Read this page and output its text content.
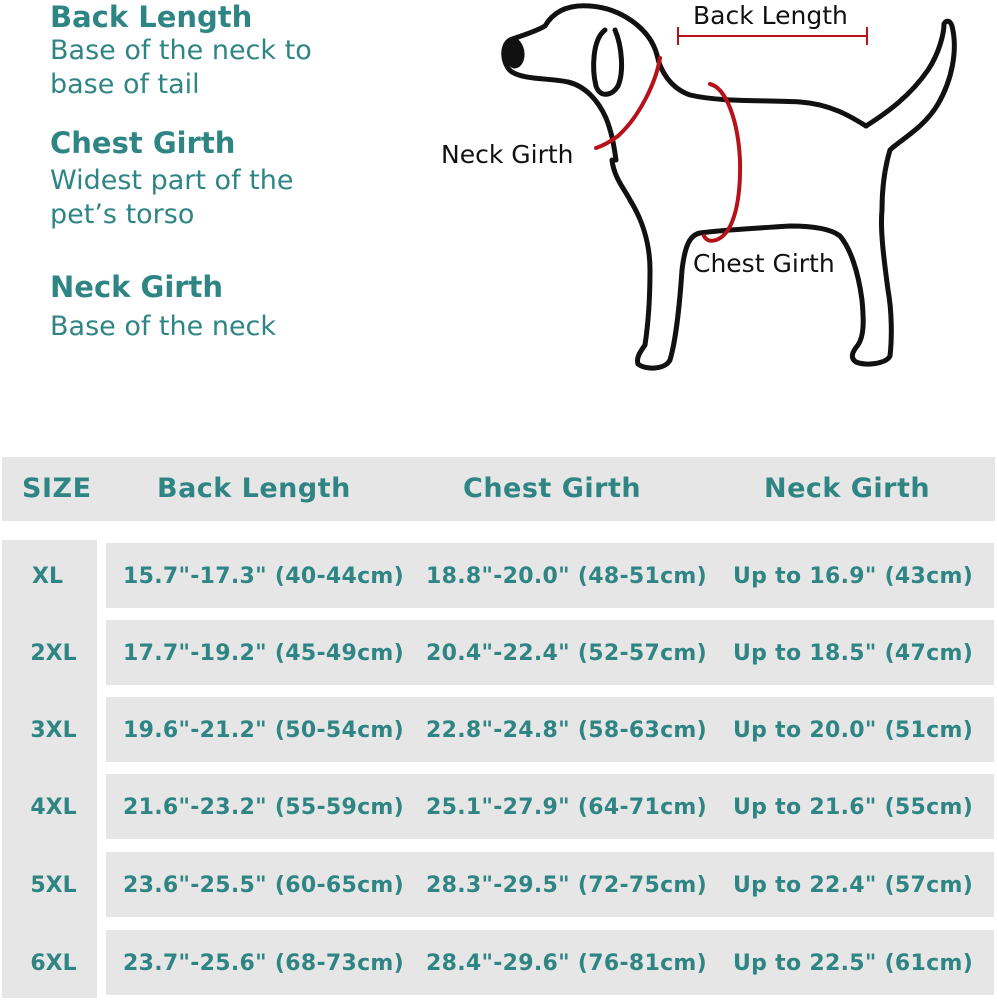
Back Length
Base of the neck to
base of tail
Chest Girth
Widest part of the
pet’s torso
Neck Girth
Base of the neck
Back Length
Neck Girth
Chest Girth
SIZE Back Length	Chest Girth	Neck Girth
XL	15.7"-17.3" (40-44cm) 18.8"-20.0" (48-51cm) Up to 16.9" (43cm)
2XL	17.7"-19.2" (45-49cm) 20.4"-22.4" (52-57cm) Up to 18.5" (47cm)
3XL	19.6"-21.2" (50-54cm) 22.8"-24.8" (58-63cm) Up to 20.0" (51cm)
4XL	21.6"-23.2" (55-59cm) 25.1"-27.9" (64-71cm) Up to 21.6" (55cm)
5XL	23.6"-25.5" (60-65cm) 28.3"-29.5" (72-75cm) Up to 22.4" (57cm)
6XL	23.7"-25.6" (68-73cm) 28.4"-29.6" (76-81cm) Up to 22.5" (61cm)
